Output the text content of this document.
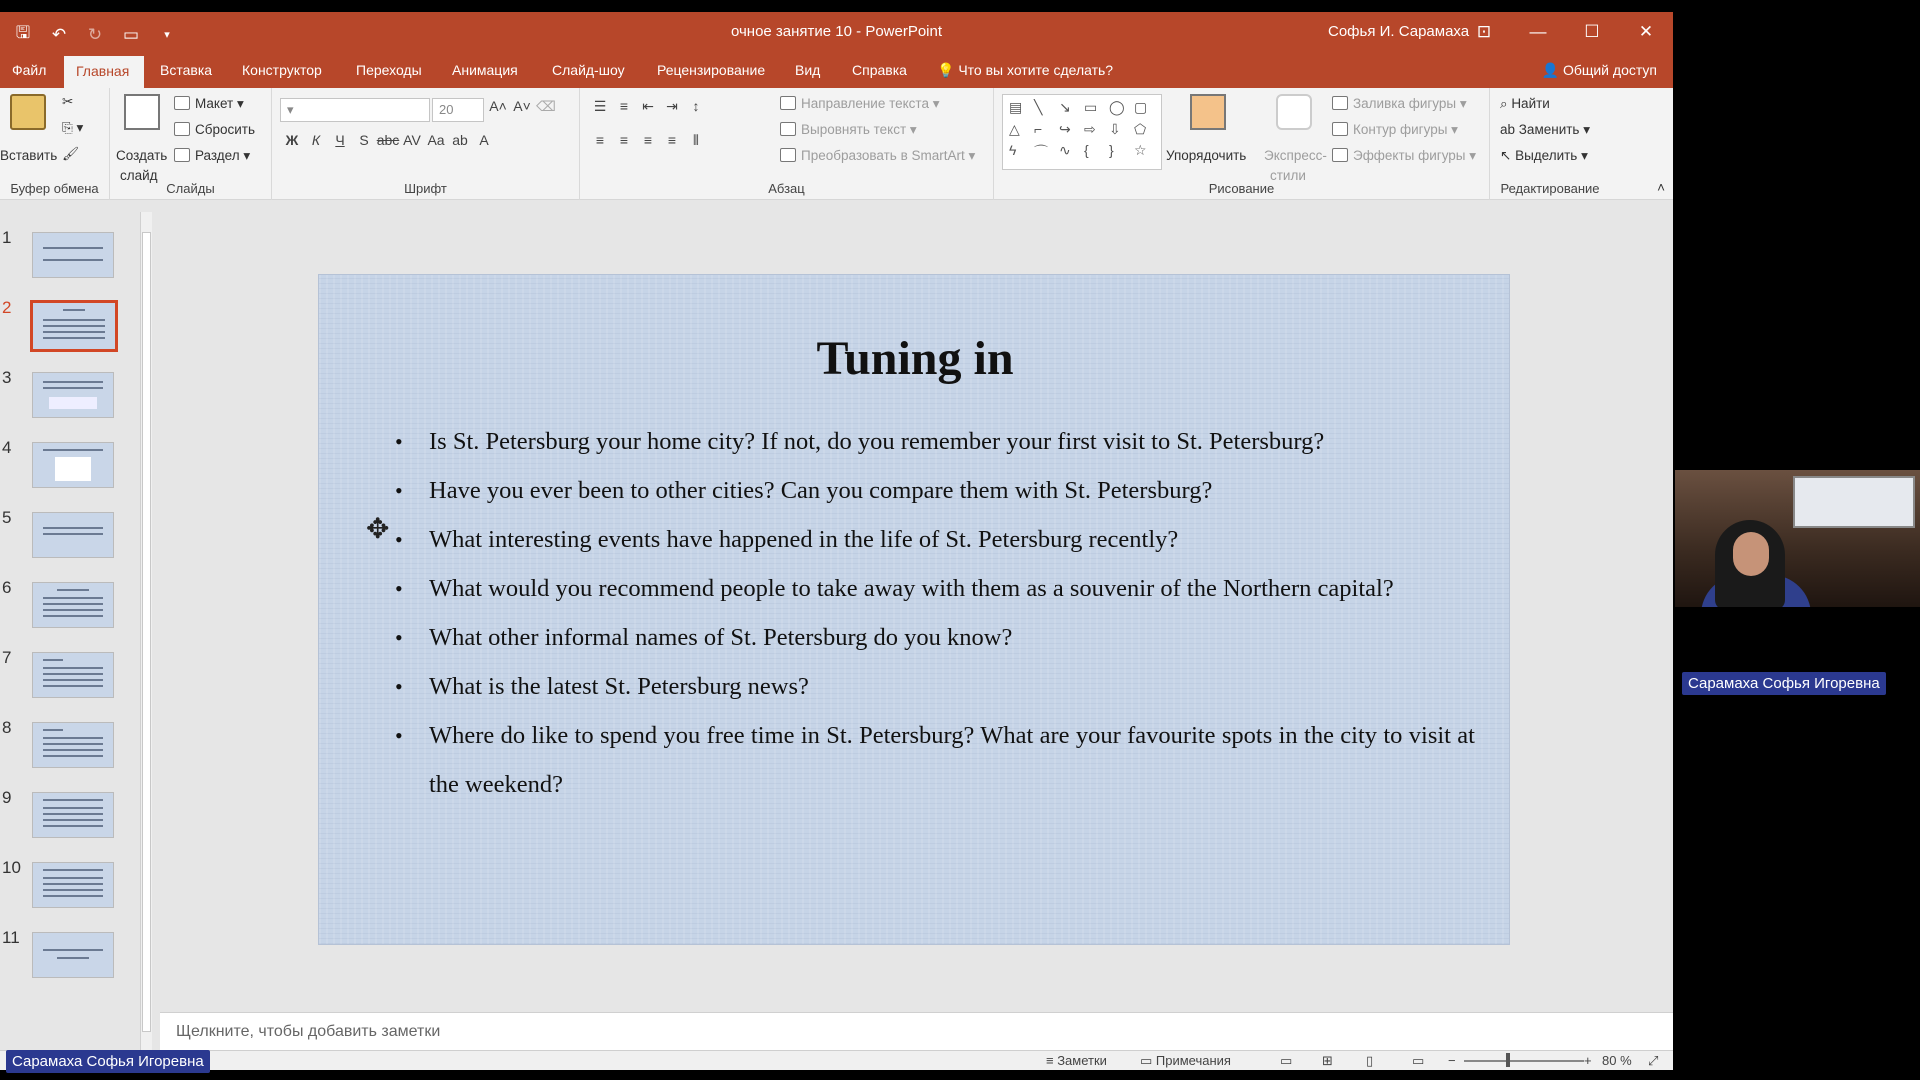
🖫 ↶ ↻ ▭	▾	очное занятие 10 - PowerPoint	Софья И. Сарамаха ⊡	—	☐	✕
Файл	Главная	Вставка	Конструктор	Переходы	Анимация	Слайд-шоу	Рецензирование	Вид	Справка	💡 Что вы хотите сделать?	👤 Общий доступ
Вставить
✂
⎘ ▾
🖌
Буфер обмена
Создать
слайд
Макет ▾
Сбросить
Раздел ▾
Слайды
▾	20	A˄ A˅ ⌫
Ж К Ч S abc AV Aa ab A
Шрифт
☰ ≡ ⇤ ⇥ ↕
≡ ≡ ≡ ≡ ⫴
Направление текста ▾
Выровнять текст ▾
Преобразовать в SmartArt ▾
Абзац
▤ ╲	↘ ▭ ◯ ▢
△	⌐	↪ ⇨ ⇩ ⬠
ϟ	⌒ ∿ {	}	☆	Упорядочить Экспресс-
стили
Заливка фигуры ▾
Контур фигуры ▾
Эффекты фигуры ▾
Рисование
⌕ Найти
ab Заменить ▾
↖ Выделить ▾
Редактирование	˄
1
2
3
4
5
6
7
8
9
10
11
Tuning in
• Is St. Petersburg your home city? If not, do you remember your first visit to St. Petersburg?
• Have you ever been to other cities? Can you compare them with St. Petersburg?
• What interesting events have happened in the life of St. Petersburg recently?
• What would you recommend people to take away with them as a souvenir of the Northern capital?
• What other informal names of St. Petersburg do you know?
• What is the latest St. Petersburg news?
• Where do like to spend you free time in St. Petersburg? What are your favourite spots in the city to visit at the weekend?
✥
Щелкните, чтобы добавить заметки
≡ Заметки	▭ Примечания	▭ ⊞	▯	▭ −	+ 80 % ⤢
Сарамаха Софья Игоревна
Сарамаха Софья Игоревна
